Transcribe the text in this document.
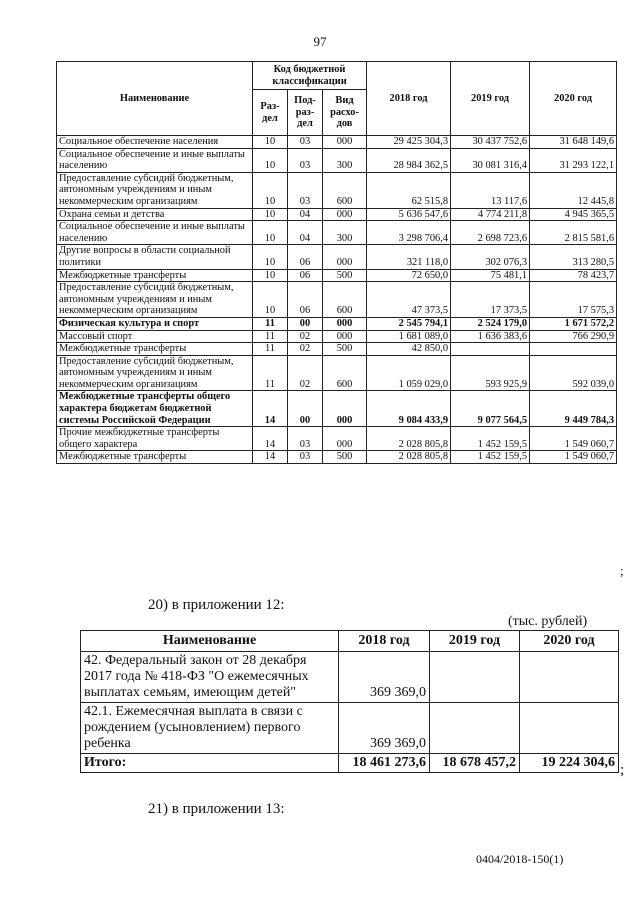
97
Наименование	Код бюджетной классификации			2018 год	2019 год	2020 год
	Раз-дел	Под-раз-дел	Вид расхо-дов			
Социальное обеспечение населения	10	03	000	29 425 304,3	30 437 752,6	31 648 149,6
Социальное обеспечение и иные выплаты населению	10	03	300	28 984 362,5	30 081 316,4	31 293 122,1
Предоставление субсидий бюджетным, автономным учреждениям и иным некоммерческим организациям	10	03	600	62 515,8	13 117,6	12 445,8
Охрана семьи и детства	10	04	000	5 636 547,6	4 774 211,8	4 945 365,5
Социальное обеспечение и иные выплаты населению	10	04	300	3 298 706,4	2 698 723,6	2 815 581,6
Другие вопросы в области социальной политики	10	06	000	321 118,0	302 076,3	313 280,5
Межбюджетные трансферты	10	06	500	72 650,0	75 481,1	78 423,7
Предоставление субсидий бюджетным, автономным учреждениям и иным некоммерческим организациям	10	06	600	47 373,5	17 373,5	17 575,3
Физическая культура и спорт	11	00	000	2 545 794,1	2 524 179,0	1 671 572,2
Массовый спорт	11	02	000	1 681 089,0	1 636 383,6	766 290,9
Межбюджетные трансферты	11	02	500	42 850,0		
Предоставление субсидий бюджетным, автономным учреждениям и иным некоммерческим организациям	11	02	600	1 059 029,0	593 925,9	592 039,0
Межбюджетные трансферты общего характера бюджетам бюджетной системы Российской Федерации	14	00	000	9 084 433,9	9 077 564,5	9 449 784,3
Прочие межбюджетные трансферты общего характера	14	03	000	2 028 805,8	1 452 159,5	1 549 060,7
Межбюджетные трансферты	14	03	500	2 028 805,8	1 452 159,5	1 549 060,7
;
20) в приложении 12:
(тыс. рублей)
Наименование	2018 год	2019 год	2020 год
42. Федеральный закон от 28 декабря 2017 года № 418-ФЗ "О ежемесячных выплатах семьям, имеющим детей"	369 369,0		
42.1. Ежемесячная выплата в связи с рождением (усыновлением) первого ребенка	369 369,0		
Итого:	18 461 273,6	18 678 457,2	19 224 304,6 ;
21) в приложении 13:
0404/2018-150(1)
